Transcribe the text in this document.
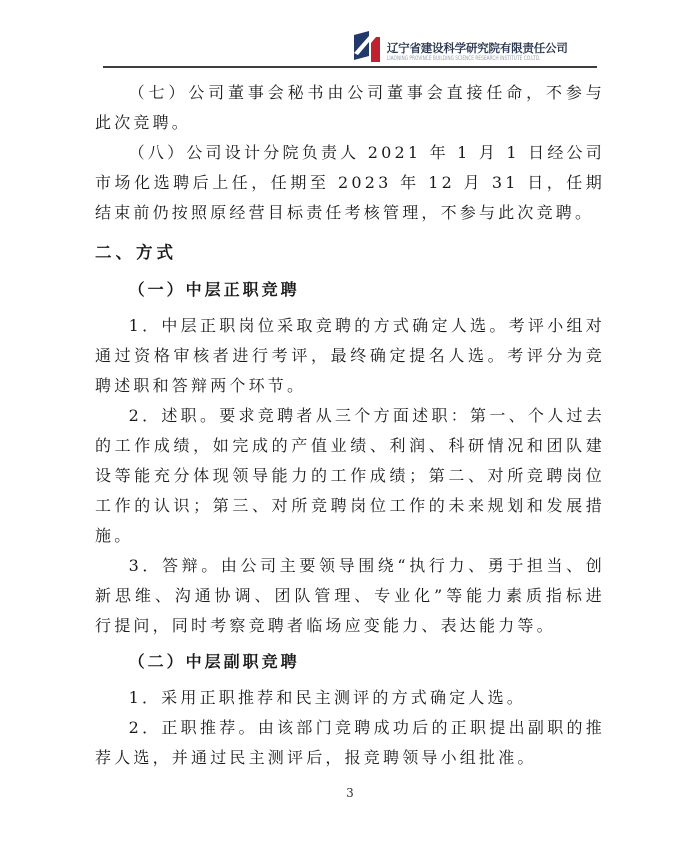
辽宁省建设科学研究院有限责任公司
LIAONING PROVINCE BUILDING SCIENCE RESEARCH INSTITUTE CO.LTD.

（七）公司董事会秘书由公司董事会直接任命，不参与此次竞聘。

（八）公司设计分院负责人 2021 年 1 月 1 日经公司市场化选聘后上任，任期至 2023 年 12 月 31 日，任期结束前仍按照原经营目标责任考核管理，不参与此次竞聘。

二、方式

（一）中层正职竞聘

1．中层正职岗位采取竞聘的方式确定人选。考评小组对通过资格审核者进行考评，最终确定提名人选。考评分为竞聘述职和答辩两个环节。

2．述职。要求竞聘者从三个方面述职：第一、个人过去的工作成绩，如完成的产值业绩、利润、科研情况和团队建设等能充分体现领导能力的工作成绩；第二、对所竞聘岗位工作的认识；第三、对所竞聘岗位工作的未来规划和发展措施。

3．答辩。由公司主要领导围绕“执行力、勇于担当、创新思维、沟通协调、团队管理、专业化”等能力素质指标进行提问，同时考察竞聘者临场应变能力、表达能力等。

（二）中层副职竞聘

1．采用正职推荐和民主测评的方式确定人选。

2．正职推荐。由该部门竞聘成功后的正职提出副职的推荐人选，并通过民主测评后，报竞聘领导小组批准。

3
